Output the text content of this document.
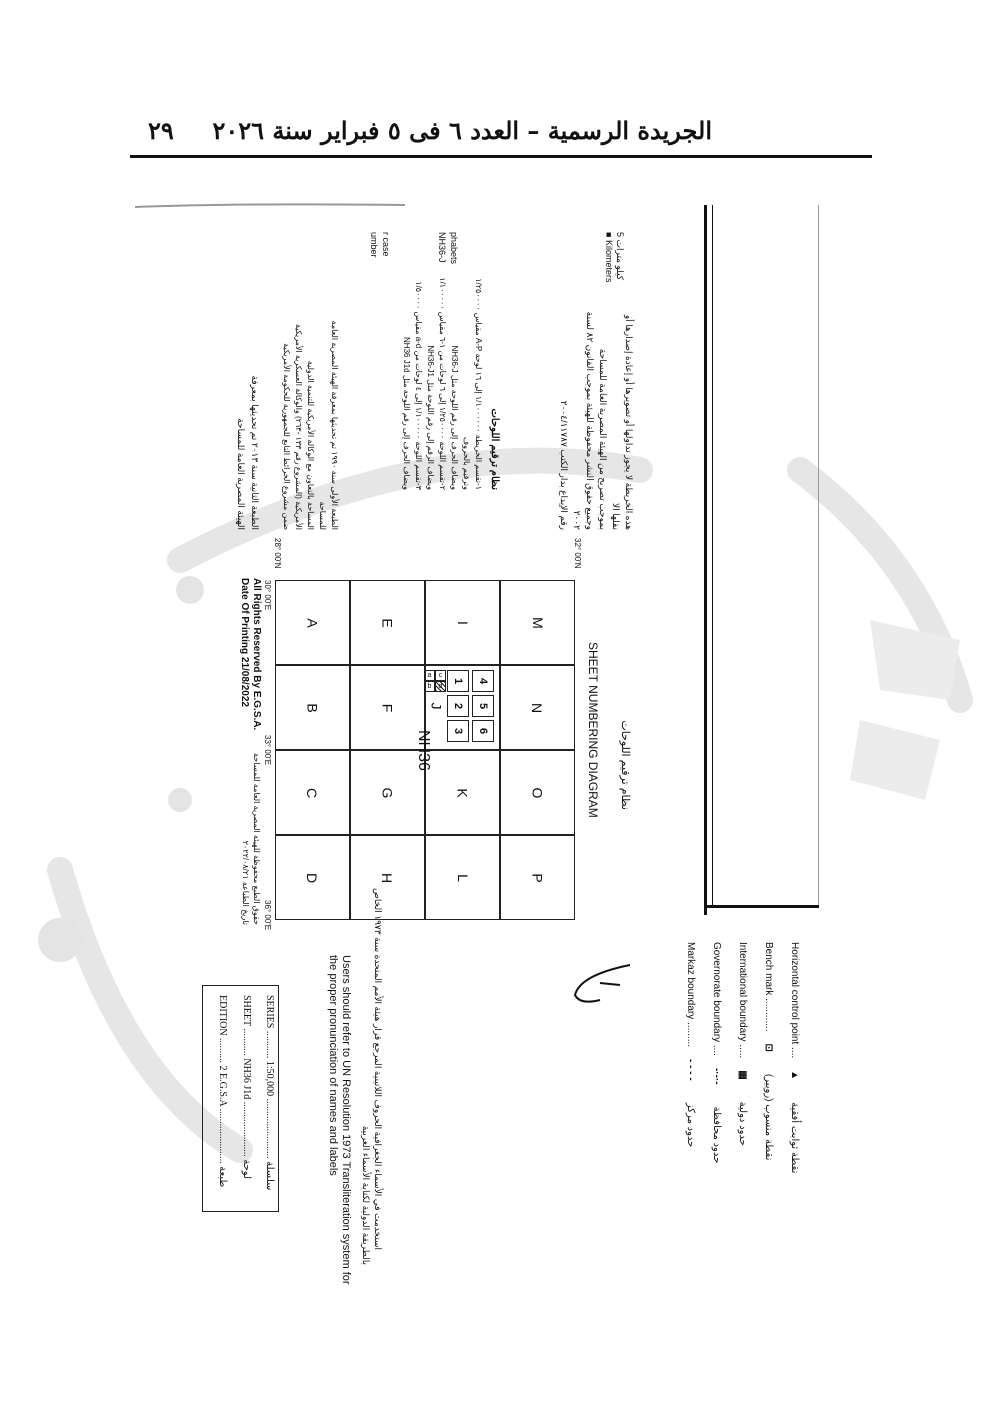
٢٩ الجريدة الرسمية – العدد ٦ فى ٥ فبراير سنة ٢٠٢٦
5 كيلو مترات
■ Kilometers
phabets
NH36-J
r case
umber
هذه الخريطة لا يجوز تداولها أو تصويرها أو إعادة إصدارها أو نقلها الا
بموجب تصريح من الهيئة المصرية العامة للمساحة
وجميع حقوق النشر محفوظة للهيئة بموجب القانون ٨٢ لسنة ٢٠٠٢
رقم الإيداع بدار الكتب ٢٠٠٤/١١٧٨٧
نظام ترقيم اللوحات
١-تقسم الخريطة ١/١٠٠٠٠٠٠ إلى ١٦ لوحة A-P مقياس ١/٢٥٠٠٠٠ وترقيم بالحروف
ويضاف الحرف إلى رقم اللوحة مثل NH36-J
٢-تقسم اللوحة ١/٢٥٠٠٠٠ إلى ٦ لوحات من ١-٦ مقياس ١/١٠٠٠٠٠
ويضاف الرقم إلى رقم اللوحة مثل NH36-J1
٣-تقسم اللوحة ١/١٠٠٠٠٠ إلى ٤ لوحات من a-d مقياس ١/٥٠٠٠٠
ويضاف الحرف إلى رقم اللوحة مثل NH36 J1d
الطبعة الأولى سنة ١٩٩٠ تم تحديثها بمعرفة الهيئة المصرية العامة للمساحة
المساحة بالتعاون مع الوكالة الأمريكية للتنمية الدولية
الأمريكية (المشروع رقم ١٣٣ -٢٦٣) والوكالة العسكرية الأمريكية
ضمن مشروع الخرائط التابع للجمهورية للحكومة الأمريكية
الطبعة الثانية سنة ٢٠١٣ تم تحديثها بمعرفة
الهيئة المصرية العامة للمساحة
SHEET NUMBERING DIAGRAM نظام ترقيم اللوحات
32° 00'N
28° 00'N
30° 00'E
33° 00'E
36° 00'E
M
I
E
A
N
F
B
O
K
G
C
P
L
H
D
J
NH36
4
5
6
1
2
3
c
d
a
b
All Rights Reserved By E.G.S.A.
Date Of Printing 21/08/2022
حقوق الطبع محفوظة للهيئة المصرية العامة للمساحة
تاريخ الطباعة ٢٠٢٢/٠٨/٢١
Horizontal control point ....▲نقطة ثوابت أفقية
Bench mark ............⊡نقطة منسوب (روبير)
International boundary .....▦حدود دولية
Governorate boundary ....-·-·-حدود محافظة
Markaz boundary .........- - - -حدود مركز
استخدمت في الأسماء الجغرافية الحروف اللاتينية المرجع قرار هيئة الأمم المتحدة سنة ١٩٧٣ الخاص
بالطريقة الدولية لكتابة الأسماء العربية
Users should refer to UN Resolution 1973 Transliteration system for
the proper pronunciation of names and labels
SERIES ........... 1:50,000 ........................ سلسلة
SHEET ........... NH36 J1d ...................... لوحة
EDITION .......... 2 E.G.S.A ...................... طبعة
